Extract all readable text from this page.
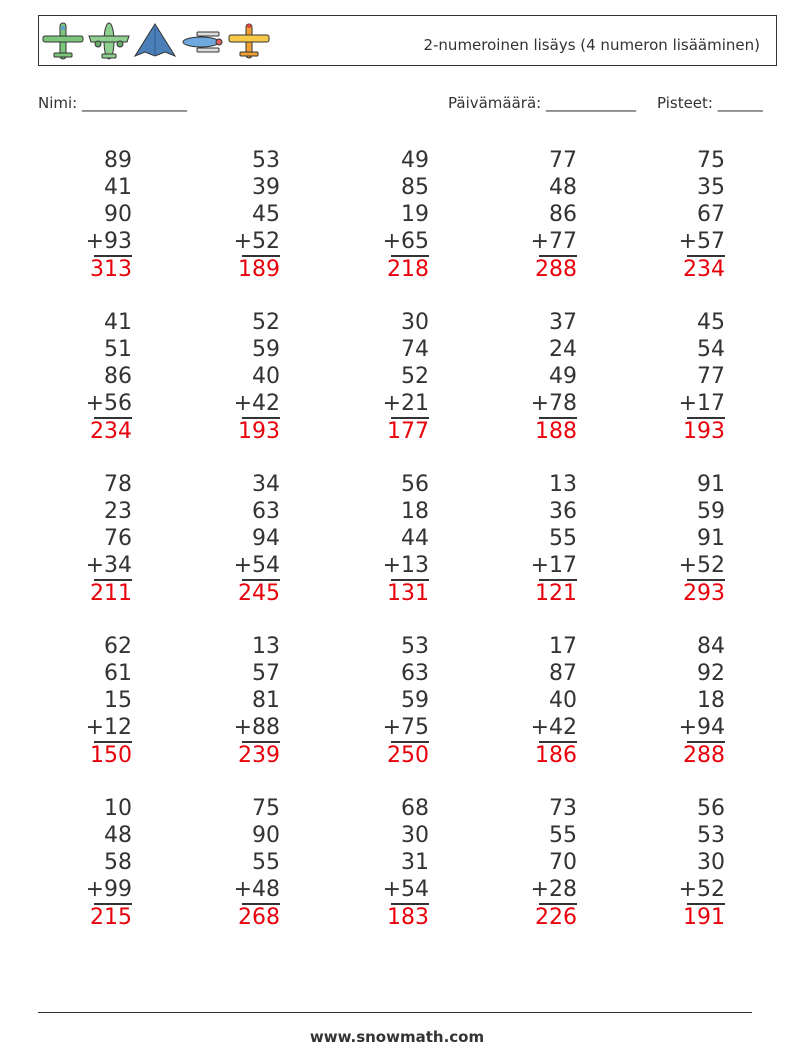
2-numeroinen lisäys (4 numeron lisääminen)
Nimi: ______________	Päivämäärä: ____________ Pisteet: ______
89
41
90
+93
313
53
39
45
+52
189
49
85
19
+65
218
77
48
86
+77
288
75
35
67
+57
234
41
51
86
+56
234
52
59
40
+42
193
30
74
52
+21
177
37
24
49
+78
188
45
54
77
+17
193
78
23
76
+34
211
34
63
94
+54
245
56
18
44
+13
131
13
36
55
+17
121
91
59
91
+52
293
62
61
15
+12
150
13
57
81
+88
239
53
63
59
+75
250
17
87
40
+42
186
84
92
18
+94
288
10
48
58
+99
215
75
90
55
+48
268
68
30
31
+54
183
73
55
70
+28
226
56
53
30
+52
191
www.snowmath.com
